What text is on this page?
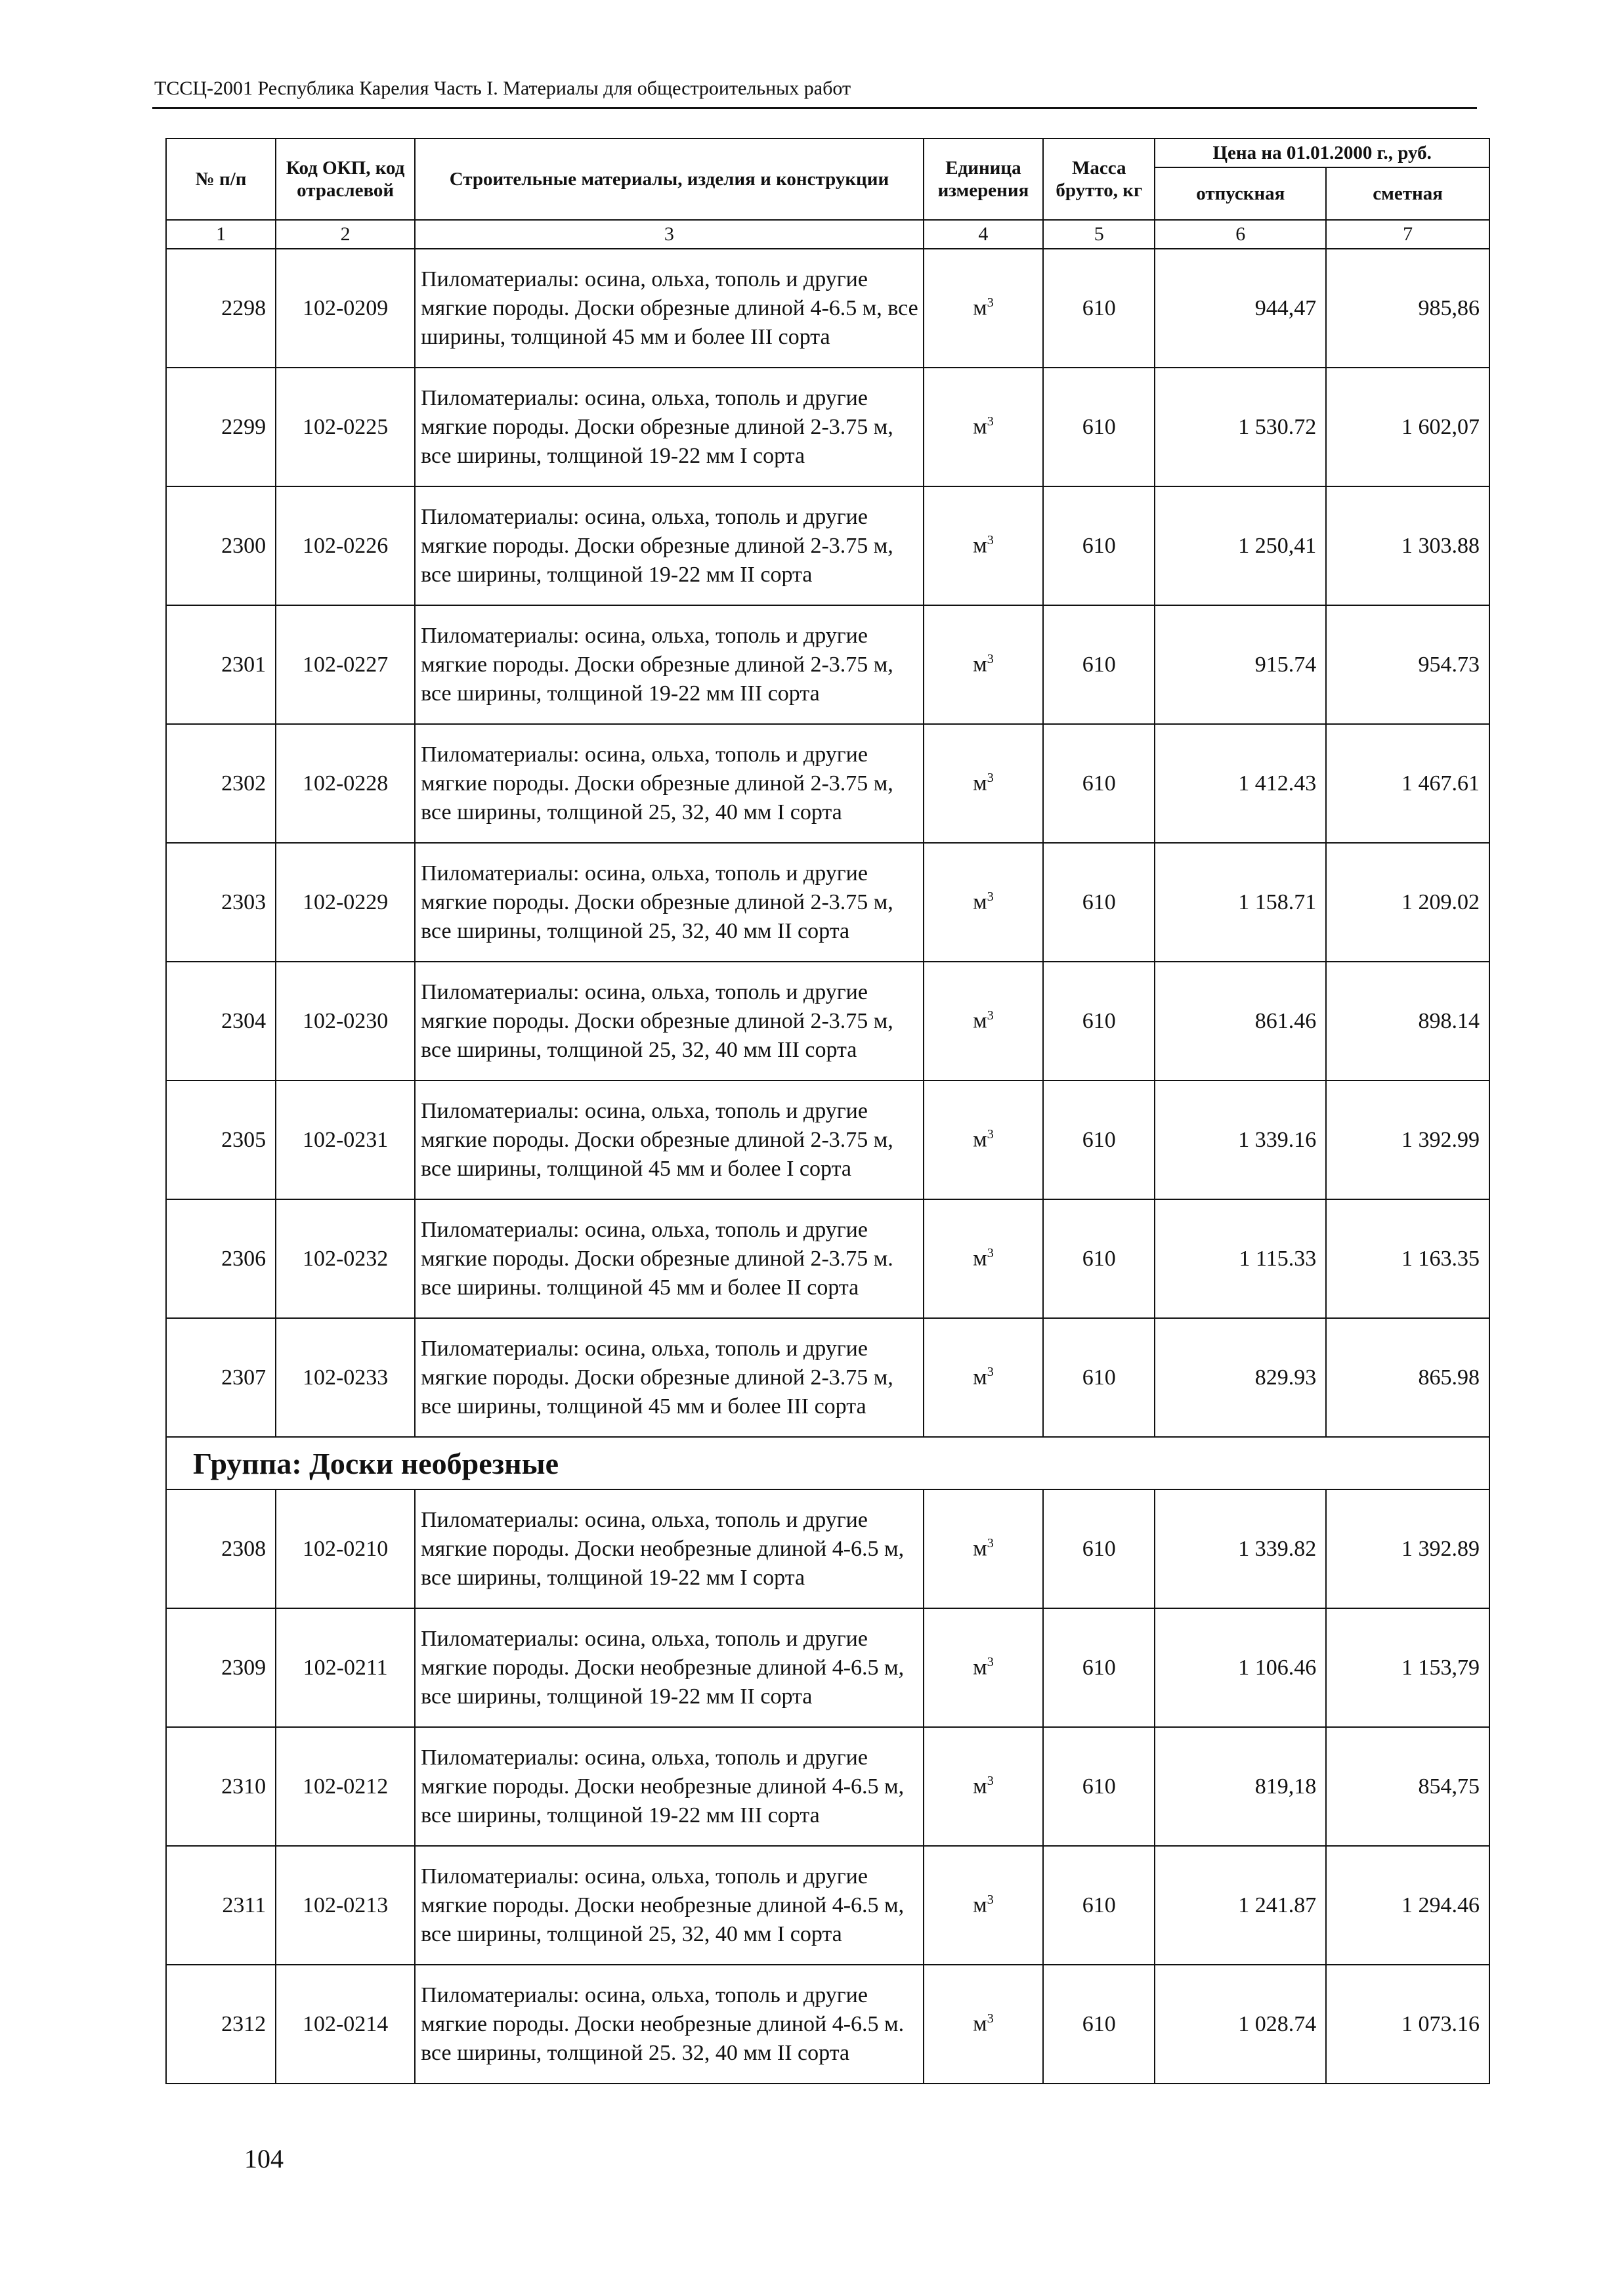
ТССЦ-2001 Республика Карелия Часть I. Материалы для общестроительных работ
№ п/п	Код ОКП, код отраслевой	Строительные материалы, изделия и конструкции	Единица измерения	Масса брутто, кг	Цена на 01.01.2000 г., руб.	
					отпускная	сметная
1	2	3	4	5	6	7
2298	102-0209	Пиломатериалы: осина, ольха, тополь и другие мягкие породы. Доски обрезные длиной 4-6.5 м, все ширины, толщиной 45 мм и более III сорта	$м^3$	610	944,47	985,86
2299	102-0225	Пиломатериалы: осина, ольха, тополь и другие мягкие породы. Доски обрезные длиной 2-3.75 м, все ширины, толщиной 19-22 мм I сорта	$м^3$	610	1 530.72	1 602,07
2300	102-0226	Пиломатериалы: осина, ольха, тополь и другие мягкие породы. Доски обрезные длиной 2-3.75 м, все ширины, толщиной 19-22 мм II сорта	$м^3$	610	1 250,41	1 303.88
2301	102-0227	Пиломатериалы: осина, ольха, тополь и другие мягкие породы. Доски обрезные длиной 2-3.75 м, все ширины, толщиной 19-22 мм III сорта	$м^3$	610	915.74	954.73
2302	102-0228	Пиломатериалы: осина, ольха, тополь и другие мягкие породы. Доски обрезные длиной 2-3.75 м, все ширины, толщиной 25, 32, 40 мм I сорта	$м^3$	610	1 412.43	1 467.61
2303	102-0229	Пиломатериалы: осина, ольха, тополь и другие мягкие породы. Доски обрезные длиной 2-3.75 м, все ширины, толщиной 25, 32, 40 мм II сорта	$м^3$	610	1 158.71	1 209.02
2304	102-0230	Пиломатериалы: осина, ольха, тополь и другие мягкие породы. Доски обрезные длиной 2-3.75 м, все ширины, толщиной 25, 32, 40 мм III сорта	$м^3$	610	861.46	898.14
2305	102-0231	Пиломатериалы: осина, ольха, тополь и другие мягкие породы. Доски обрезные длиной 2-3.75 м, все ширины, толщиной 45 мм и более I сорта	$м^3$	610	1 339.16	1 392.99
2306	102-0232	Пиломатериалы: осина, ольха, тополь и другие мягкие породы. Доски обрезные длиной 2-3.75 м. все ширины. толщиной 45 мм и более II сорта	$м^3$	610	1 115.33	1 163.35
2307	102-0233	Пиломатериалы: осина, ольха, тополь и другие мягкие породы. Доски обрезные длиной 2-3.75 м, все ширины, толщиной 45 мм и более III сорта	$м^3$	610	829.93	865.98
Группа: Доски необрезные						
2308	102-0210	Пиломатериалы: осина, ольха, тополь и другие мягкие породы. Доски необрезные длиной 4-6.5 м, все ширины, толщиной 19-22 мм I сорта	$м^3$	610	1 339.82	1 392.89
2309	102-0211	Пиломатериалы: осина, ольха, тополь и другие мягкие породы. Доски необрезные длиной 4-6.5 м, все ширины, толщиной 19-22 мм II сорта	$м^3$	610	1 106.46	1 153,79
2310	102-0212	Пиломатериалы: осина, ольха, тополь и другие мягкие породы. Доски необрезные длиной 4-6.5 м, все ширины, толщиной 19-22 мм III сорта	$м^3$	610	819,18	854,75
2311	102-0213	Пиломатериалы: осина, ольха, тополь и другие мягкие породы. Доски необрезные длиной 4-6.5 м, все ширины, толщиной 25, 32, 40 мм I сорта	$м^3$	610	1 241.87	1 294.46
2312	102-0214	Пиломатериалы: осина, ольха, тополь и другие мягкие породы. Доски необрезные длиной 4-6.5 м. все ширины, толщиной 25. 32, 40 мм II сорта	$м^3$	610	1 028.74	1 073.16
104
